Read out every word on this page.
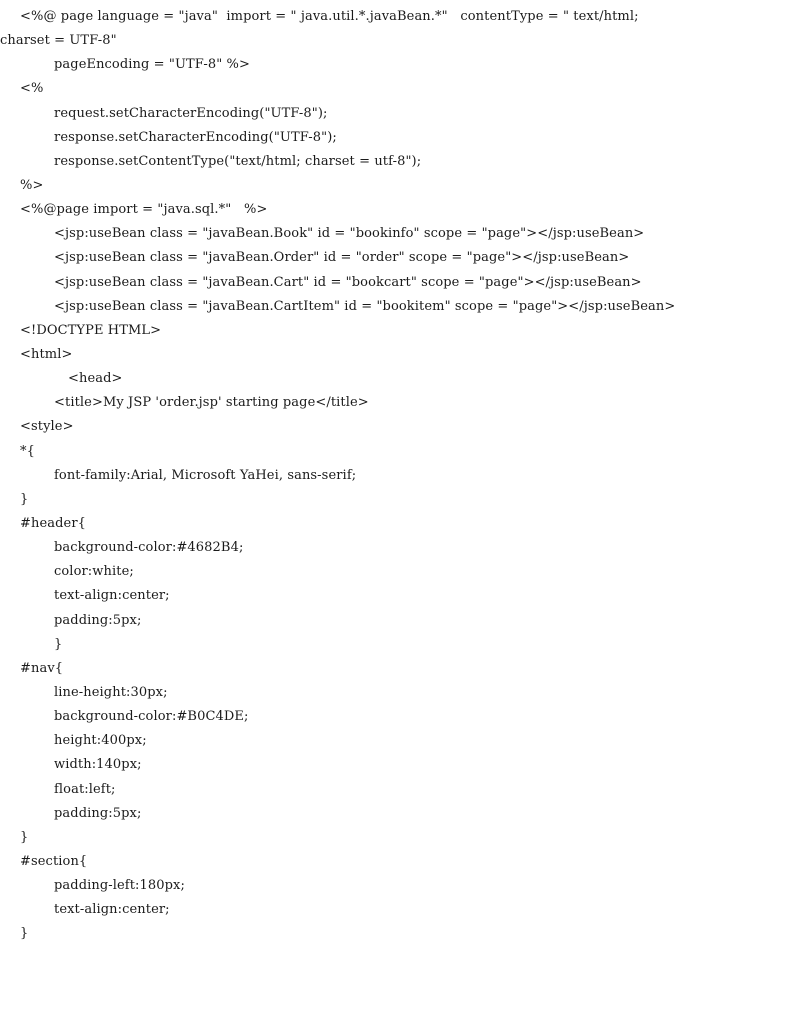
<%@ page language = "java"  import = " java.util.*.javaBean.*"   contentType = " text/html;
charset = UTF-8"
pageEncoding = "UTF-8" %>
<%
request.setCharacterEncoding("UTF-8");
response.setCharacterEncoding("UTF-8");
response.setContentType("text/html; charset = utf-8");
%>
<%@page import = "java.sql.*"   %>
<jsp:useBean class = "javaBean.Book" id = "bookinfo" scope = "page"></jsp:useBean>
<jsp:useBean class = "javaBean.Order" id = "order" scope = "page"></jsp:useBean>
<jsp:useBean class = "javaBean.Cart" id = "bookcart" scope = "page"></jsp:useBean>
<jsp:useBean class = "javaBean.CartItem" id = "bookitem" scope = "page"></jsp:useBean>
<!DOCTYPE HTML>
<html>
<head>
<title>My JSP 'order.jsp' starting page</title>
<style>
*{
font-family:Arial, Microsoft YaHei, sans-serif;
}
#header{
background-color:#4682B4;
color:white;
text-align:center;
padding:5px;
}
#nav{
line-height:30px;
background-color:#B0C4DE;
height:400px;
width:140px;
float:left;
padding:5px;
}
#section{
padding-left:180px;
text-align:center;
}
